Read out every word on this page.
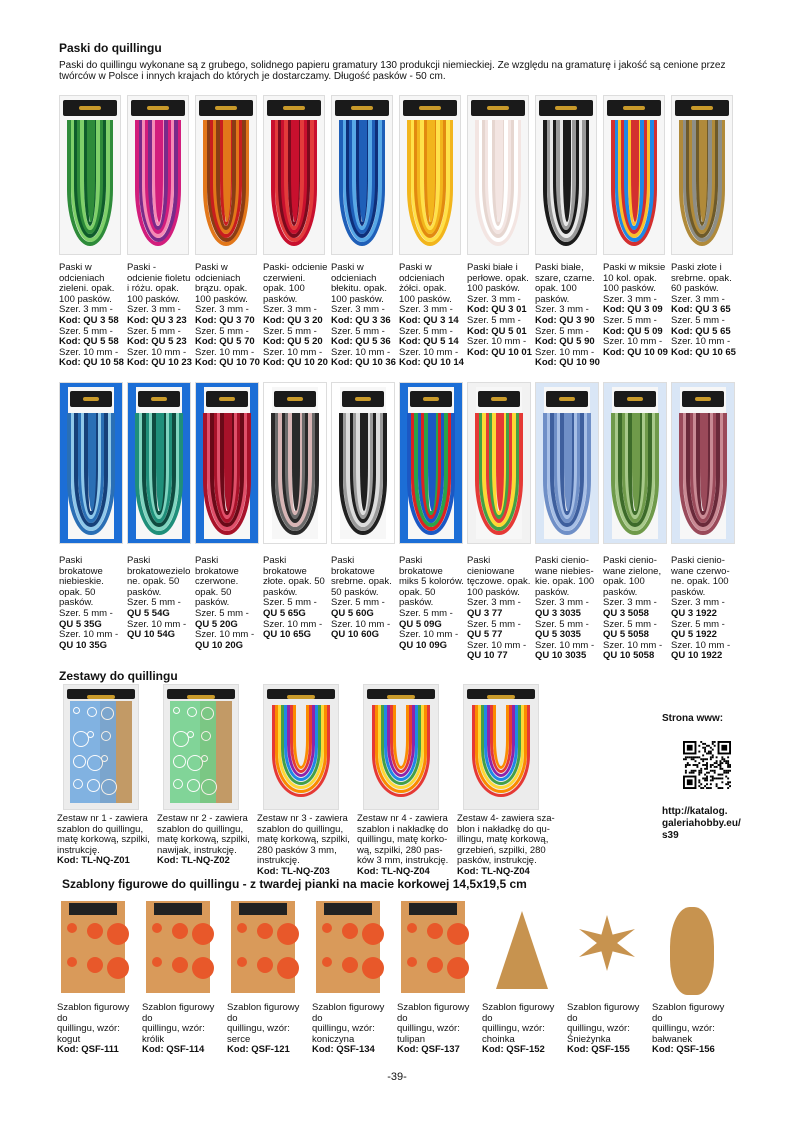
Paski do quillingu
Paski do quillingu wykonane są z grubego, solidnego papieru gramatury 130 produkcji niemieckiej. Ze względu na gramaturę i jakość są cenione przez twórców w Polsce i innych krajach do których je dostarczamy. Długość pasków - 50 cm.
Paski w
odcieniach
zieleni. opak.
100 pasków.
Szer. 3 mm -
Kod: QU 3 58
Szer. 5 mm -
Kod: QU 5 58
Szer. 10 mm -
Kod: QU 10 58
Paski -
odcienie fioletu
i różu. opak.
100 pasków.
Szer. 3 mm -
Kod: QU 3 23
Szer. 5 mm -
Kod: QU 5 23
Szer. 10 mm -
Kod: QU 10 23
Paski w
odcieniach
brązu. opak.
100 pasków.
Szer. 3 mm -
Kod: QU 3 70
Szer. 5 mm -
Kod: QU 5 70
Szer. 10 mm -
Kod: QU 10 70
Paski- odcienie
czerwieni.
opak. 100
pasków.
Szer. 3 mm -
Kod: QU 3 20
Szer. 5 mm -
Kod: QU 5 20
Szer. 10 mm -
Kod: QU 10 20
Paski w
odcieniach
błekitu. opak.
100 pasków.
Szer. 3 mm -
Kod: QU 3 36
Szer. 5 mm -
Kod: QU 5 36
Szer. 10 mm -
Kod: QU 10 36
Paski w
odcieniach
żółci. opak.
100 pasków.
Szer. 3 mm -
Kod: QU 3 14
Szer. 5 mm -
Kod: QU 5 14
Szer. 10 mm -
Kod: QU 10 14
Paski białe i
perłowe. opak.
100 pasków.
Szer. 3 mm -
Kod: QU 3 01
Szer. 5 mm -
Kod: QU 5 01
Szer. 10 mm -
Kod: QU 10 01
Paski białe,
szare, czarne.
opak. 100
pasków.
Szer. 3 mm -
Kod: QU 3 90
Szer. 5 mm -
Kod: QU 5 90
Szer. 10 mm -
Kod: QU 10 90
Paski w miksie
10 kol. opak.
100 pasków.
Szer. 3 mm -
Kod: QU 3 09
Szer. 5 mm -
Kod: QU 5 09
Szer. 10 mm -
Kod: QU 10 09
Paski złote i
srebrne. opak.
60 pasków.
Szer. 3 mm -
Kod: QU 3 65
Szer. 5 mm -
Kod: QU 5 65
Szer. 10 mm -
Kod: QU 10 65
Paski
brokatowe
niebieskie.
opak. 50
pasków.
Szer. 5 mm -
QU 5 35G
Szer. 10 mm -
QU 10 35G
Paski
brokatowezielo
ne. opak. 50
pasków.
Szer. 5 mm -
QU 5 54G
Szer. 10 mm -
QU 10 54G
Paski
brokatowe
czerwone.
opak. 50
pasków.
Szer. 5 mm -
QU 5 20G
Szer. 10 mm -
QU 10 20G
Paski
brokatowe
złote. opak. 50
pasków.
Szer. 5 mm -
QU 5 65G
Szer. 10 mm -
QU 10 65G
Paski
brokatowe
srebrne. opak.
50 pasków.
Szer. 5 mm -
QU 5 60G
Szer. 10 mm -
QU 10 60G
Paski
brokatowe
miks 5 kolorów.
opak. 50
pasków.
Szer. 5 mm -
QU 5 09G
Szer. 10 mm -
QU 10 09G
Paski
cieniowane
tęczowe. opak.
100 pasków.
Szer. 3 mm -
QU 3 77
Szer. 5 mm -
QU 5 77
Szer. 10 mm -
QU 10 77
Paski cienio-
wane niebies-
kie. opak. 100
pasków.
Szer. 3 mm -
QU 3 3035
Szer. 5 mm -
QU 5 3035
Szer. 10 mm -
QU 10 3035
Paski cienio-
wane zielone,
opak. 100
pasków.
Szer. 3 mm -
QU 3 5058
Szer. 5 mm -
QU 5 5058
Szer. 10 mm -
QU 10 5058
Paski cienio-
wane czerwo-
ne. opak. 100
pasków.
Szer. 3 mm -
QU 3 1922
Szer. 5 mm -
QU 5 1922
Szer. 10 mm -
QU 10 1922
Zestawy do quillingu
Zestaw nr 1 - zawiera
szablon do quillingu,
matę korkową, szpilki,
instrukcję.
Kod: TL-NQ-Z01
Zestaw nr 2 - zawiera
szablon do quillingu,
matę korkową, szpilki,
nawijak, instrukcję.
Kod: TL-NQ-Z02
Zestaw nr 3 - zawiera
szablon do quillingu,
matę korkową, szpilki,
280 pasków 3 mm,
instrukcję.
Kod: TL-NQ-Z03
Zestaw nr 4 - zawiera
szablon i nakładkę do
quillingu, matę korko-
wą, szpilki, 280 pas-
ków 3 mm, instrukcję.
Kod: TL-NQ-Z04
Zestaw 4- zawiera sza-
blon i nakładkę do qu-
illingu, matę korkową,
grzebień, szpilki, 280
pasków, instrukcję.
Kod: TL-NQ-Z04
Strona www:
http://katalog.
galeriahobby.eu/
s39
Szablony figurowe do quillingu - z twardej pianki na macie korkowej 14,5x19,5 cm
Szablon figurowy do
quillingu, wzór:
kogut
Kod: QSF-111
Szablon figurowy do
quillingu, wzór:
królik
Kod: QSF-114
Szablon figurowy do
quillingu, wzór:
serce
Kod: QSF-121
Szablon figurowy do
quillingu, wzór:
koniczyna
Kod: QSF-134
Szablon figurowy do
quillingu, wzór:
tulipan
Kod: QSF-137
Szablon figurowy do
quillingu, wzór:
choinka
Kod: QSF-152
Szablon figurowy do
quillingu, wzór:
Śnieżynka
Kod: QSF-155
Szablon figurowy do
quillingu, wzór:
bałwanek
Kod: QSF-156
-39-
